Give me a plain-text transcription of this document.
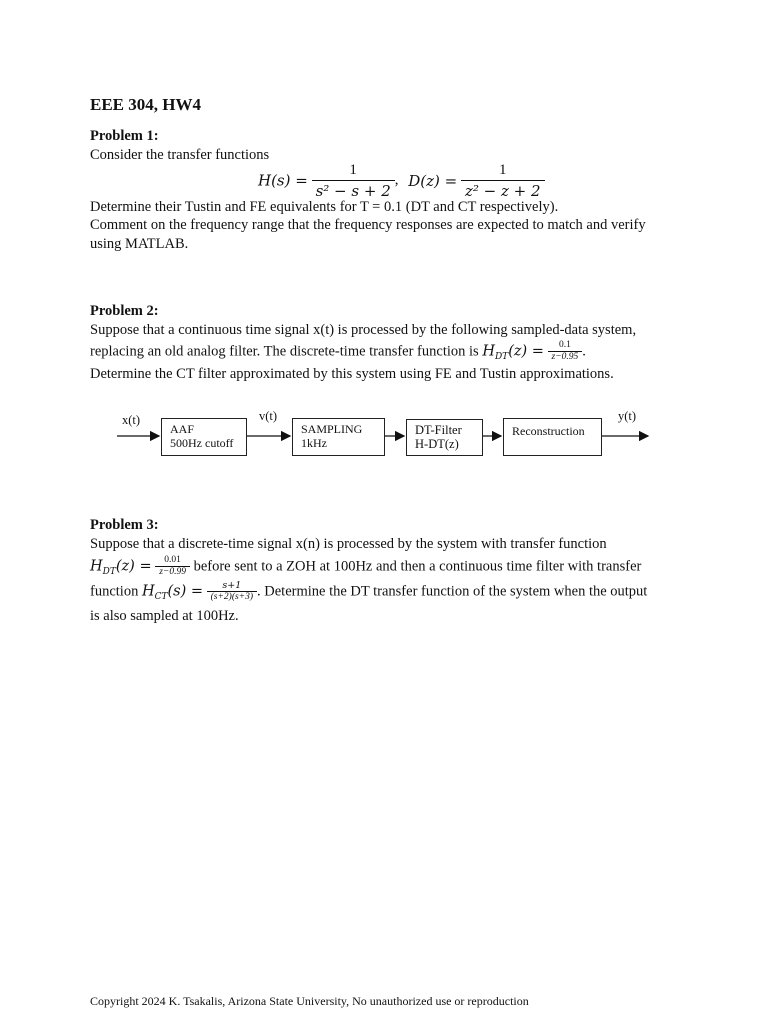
EEE 304, HW4
Problem 1:
Consider the transfer functions
$H(s) = \frac{1}{\text{s² − s + 2}}$ , $D(z) = \frac{1}{\text{z² − z + 2}}$
Determine their Tustin and FE equivalents for T = 0.1 (DT and CT respectively).
Comment on the frequency range that the frequency responses are expected to match and verify
using MATLAB.
Problem 2:
Suppose that a continuous time signal x(t) is processed by the following sampled-data system,
replacing an old analog filter. The discrete-time transfer function is $H_{DT}(z) = \frac{0.1}{z-0.95}$ .
Determine the CT filter approximated by this system using FE and Tustin approximations.
x(t)	v(t)	y(t)
AAF
500Hz cutoff
SAMPLING
1kHz
DT-Filter
H-DT(z)
Reconstruction
Problem 3:
Suppose that a discrete-time signal x(n) is processed by the system with transfer function
$H_{DT}(z) = \frac{0.01}{z-0.99}$ before sent to a ZOH at 100Hz and then a continuous time filter with transfer
function $H_{CT}(s) = \frac{s+1}{(s+2)(s+3)}$ . Determine the DT transfer function of the system when the output
is also sampled at 100Hz.
Copyright 2024 K. Tsakalis, Arizona State University, No unauthorized use or reproduction
